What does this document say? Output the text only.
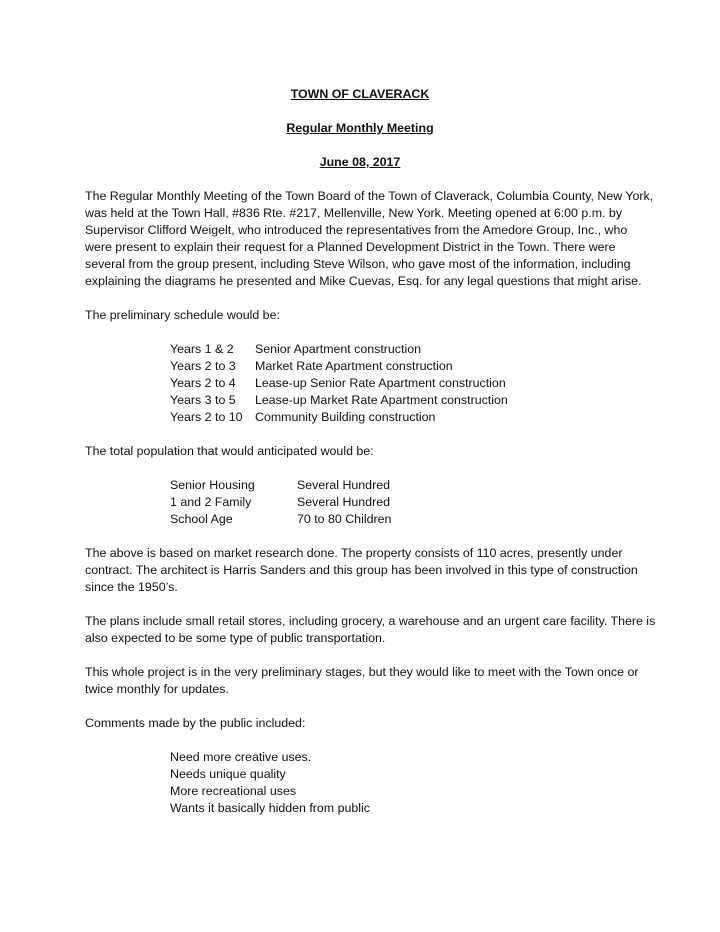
TOWN OF CLAVERACK
Regular Monthly Meeting
June 08, 2017

The Regular Monthly Meeting of the Town Board of the Town of Claverack, Columbia County, New York,
was held at the Town Hall, #836 Rte. #217, Mellenville, New York. Meeting opened at 6:00 p.m. by
Supervisor Clifford Weigelt, who introduced the representatives from the Amedore Group, Inc., who
were present to explain their request for a Planned Development District in the Town. There were
several from the group present, including Steve Wilson, who gave most of the information, including
explaining the diagrams he presented and Mike Cuevas, Esq. for any legal questions that might arise.

The preliminary schedule would be:

Years 1 & 2	Senior Apartment construction
Years 2 to 3	Market Rate Apartment construction
Years 2 to 4	Lease-up Senior Rate Apartment construction
Years 3 to 5	Lease-up Market Rate Apartment construction
Years 2 to 10	Community Building construction

The total population that would anticipated would be:

Senior Housing	Several Hundred
1 and 2 Family	Several Hundred
School Age	70 to 80 Children

The above is based on market research done. The property consists of 110 acres, presently under
contract. The architect is Harris Sanders and this group has been involved in this type of construction
since the 1950’s.

The plans include small retail stores, including grocery, a warehouse and an urgent care facility. There is
also expected to be some type of public transportation.

This whole project is in the very preliminary stages, but they would like to meet with the Town once or
twice monthly for updates.

Comments made by the public included:

Need more creative uses.
Needs unique quality
More recreational uses
Wants it basically hidden from public
